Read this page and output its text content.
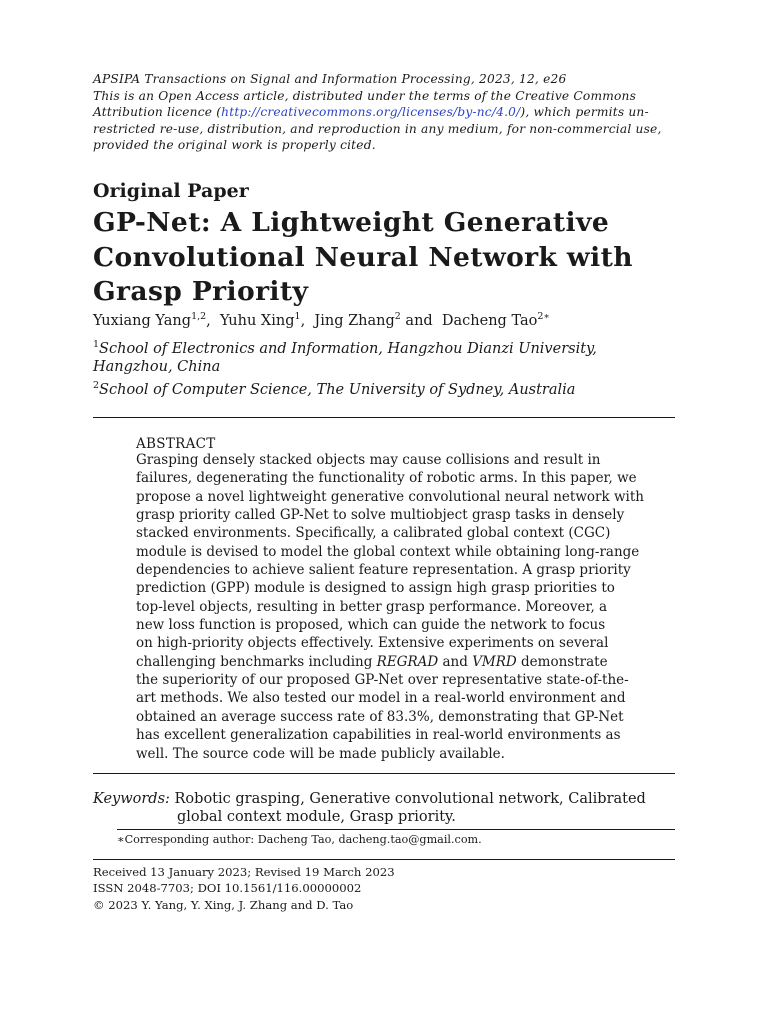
APSIPA Transactions on Signal and Information Processing, 2023, 12, e26
This is an Open Access article, distributed under the terms of the Creative Commons
Attribution licence (http://creativecommons.org/licenses/by-nc/4.0/), which permits un-
restricted re-use, distribution, and reproduction in any medium, for non-commercial use,
provided the original work is properly cited.
Original Paper
GP-Net: A Lightweight Generative
Convolutional Neural Network with
Grasp Priority
Yuxiang Yang$^{1,2}$,  Yuhu Xing$^1$,  Jing Zhang$^2$ and Dacheng Tao$^{2∗}$
$^1$School of Electronics and Information, Hangzhou Dianzi University,
Hangzhou, China
$^2$School of Computer Science, The University of Sydney, Australia
ABSTRACT
Grasping densely stacked objects may cause collisions and result in
failures, degenerating the functionality of robotic arms. In this paper, we
propose a novel lightweight generative convolutional neural network with
grasp priority called GP-Net to solve multiobject grasp tasks in densely
stacked environments. Specifically, a calibrated global context (CGC)
module is devised to model the global context while obtaining long-range
dependencies to achieve salient feature representation. A grasp priority
prediction (GPP) module is designed to assign high grasp priorities to
top-level objects, resulting in better grasp performance. Moreover, a
new loss function is proposed, which can guide the network to focus
on high-priority objects effectively. Extensive experiments on several
challenging benchmarks including REGRAD and VMRD demonstrate
the superiority of our proposed GP-Net over representative state-of-the-
art methods. We also tested our model in a real-world environment and
obtained an average success rate of 83.3%, demonstrating that GP-Net
has excellent generalization capabilities in real-world environments as
well. The source code will be made publicly available.
Keywords: Robotic grasping, Generative convolutional network, Calibrated
global context module, Grasp priority.
∗Corresponding author: Dacheng Tao, dacheng.tao@gmail.com.
Received 13 January 2023; Revised 19 March 2023
ISSN 2048-7703; DOI 10.1561/116.00000002
© 2023 Y. Yang, Y. Xing, J. Zhang and D. Tao
